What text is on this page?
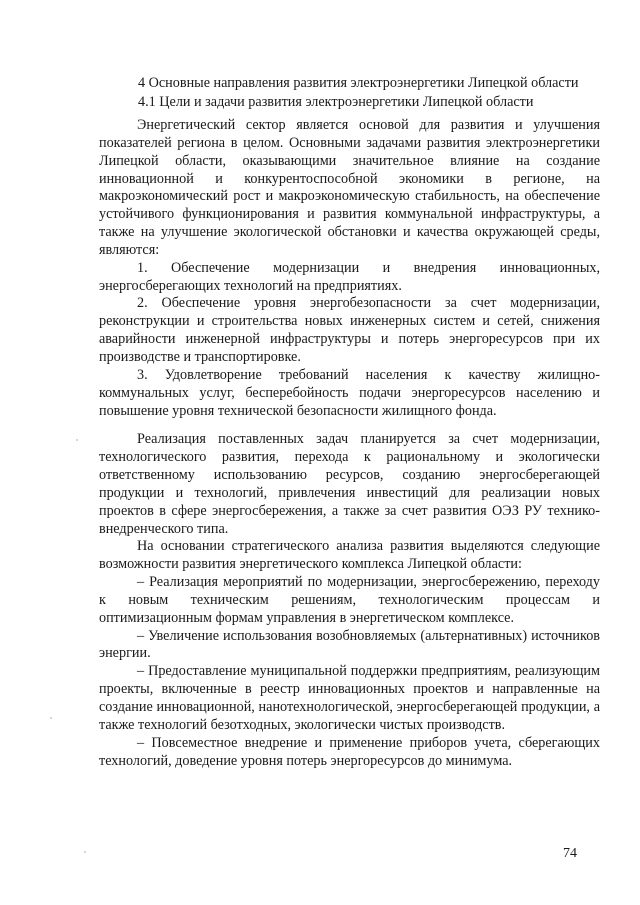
4 Основные направления развития электроэнергетики Липецкой области
4.1 Цели и задачи развития электроэнергетики Липецкой области

Энергетический сектор является основой для развития и улучшения показателей региона в целом. Основными задачами развития электроэнергетики Липецкой области, оказывающими значительное влияние на создание инновационной и конкурентоспособной экономики в регионе, на макроэкономический рост и макроэкономическую стабильность, на обеспечение устойчивого функционирования и развития коммунальной инфраструктуры, а также на улучшение экологической обстановки и качества окружающей среды, являются:

1. Обеспечение модернизации и внедрения инновационных, энергосберегающих технологий на предприятиях.

2. Обеспечение уровня энергобезопасности за счет модернизации, реконструкции и строительства новых инженерных систем и сетей, снижения аварийности инженерной инфраструктуры и потерь энергоресурсов при их производстве и транспортировке.

3. Удовлетворение требований населения к качеству жилищно-коммунальных услуг, бесперебойность подачи энергоресурсов населению и повышение уровня технической безопасности жилищного фонда.

Реализация поставленных задач планируется за счет модернизации, технологического развития, перехода к рациональному и экологически ответственному использованию ресурсов, созданию энергосберегающей продукции и технологий, привлечения инвестиций для реализации новых проектов в сфере энергосбережения, а также за счет развития ОЭЗ РУ технико-внедренческого типа.

На основании стратегического анализа развития выделяются следующие возможности развития энергетического комплекса Липецкой области:

– Реализация мероприятий по модернизации, энергосбережению, переходу к новым техническим решениям, технологическим процессам и оптимизационным формам управления в энергетическом комплексе.

– Увеличение использования возобновляемых (альтернативных) источников энергии.

– Предоставление муниципальной поддержки предприятиям, реализующим проекты, включенные в реестр инновационных проектов и направленные на создание инновационной, нанотехнологической, энергосберегающей продукции, а также технологий безотходных, экологически чистых производств.

– Повсеместное внедрение и применение приборов учета, сберегающих технологий, доведение уровня потерь энергоресурсов до минимума.

74
